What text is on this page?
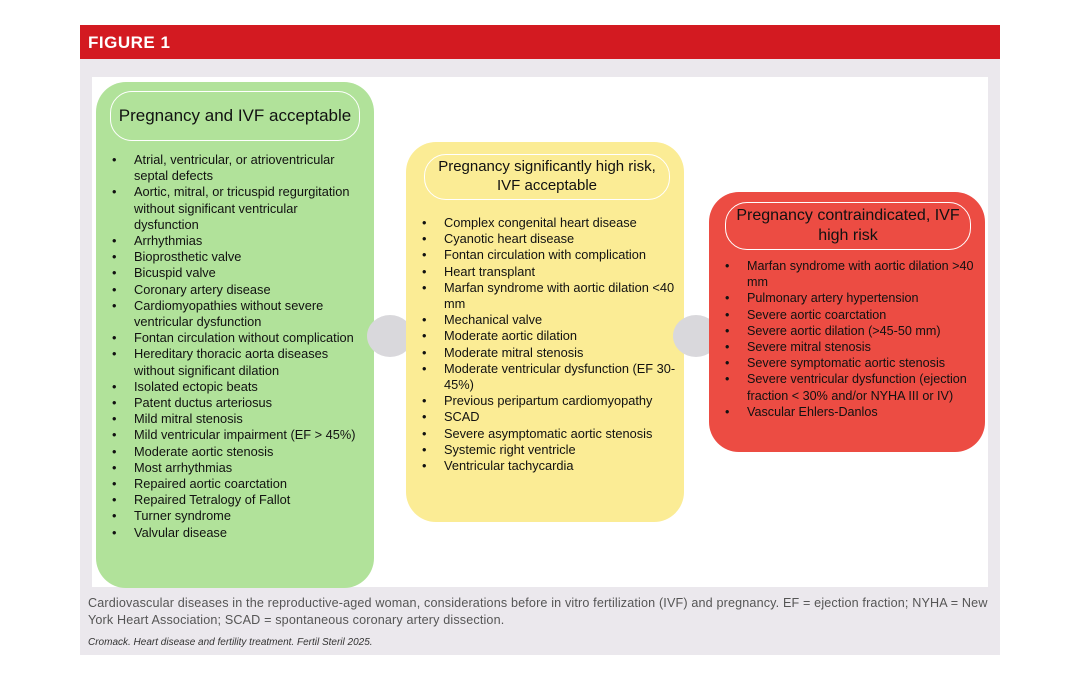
FIGURE 1
Pregnancy and IVF acceptable
• Atrial, ventricular, or atrioventricular septal defects
• Aortic, mitral, or tricuspid regurgitation without significant ventricular dysfunction
• Arrhythmias
• Bioprosthetic valve
• Bicuspid valve
• Coronary artery disease
• Cardiomyopathies without severe ventricular dysfunction
• Fontan circulation without complication
• Hereditary thoracic aorta diseases without significant dilation
• Isolated ectopic beats
• Patent ductus arteriosus
• Mild mitral stenosis
• Mild ventricular impairment (EF > 45%)
• Moderate aortic stenosis
• Most arrhythmias
• Repaired aortic coarctation
• Repaired Tetralogy of Fallot
• Turner syndrome
• Valvular disease
Pregnancy significantly high risk, IVF acceptable
• Complex congenital heart disease
• Cyanotic heart disease
• Fontan circulation with complication
• Heart transplant
• Marfan syndrome with aortic dilation <40 mm
• Mechanical valve
• Moderate aortic dilation
• Moderate mitral stenosis
• Moderate ventricular dysfunction (EF 30-45%)
• Previous peripartum cardiomyopathy
• SCAD
• Severe asymptomatic aortic stenosis
• Systemic right ventricle
• Ventricular tachycardia
Pregnancy contraindicated, IVF high risk
• Marfan syndrome with aortic dilation >40 mm
• Pulmonary artery hypertension
• Severe aortic coarctation
• Severe aortic dilation (>45-50 mm)
• Severe mitral stenosis
• Severe symptomatic aortic stenosis
• Severe ventricular dysfunction (ejection fraction < 30% and/or NYHA III or IV)
• Vascular Ehlers-Danlos
Cardiovascular diseases in the reproductive-aged woman, considerations before in vitro fertilization (IVF) and pregnancy. EF = ejection fraction; NYHA = New York Heart Association; SCAD = spontaneous coronary artery dissection.
Cromack. Heart disease and fertility treatment. Fertil Steril 2025.
